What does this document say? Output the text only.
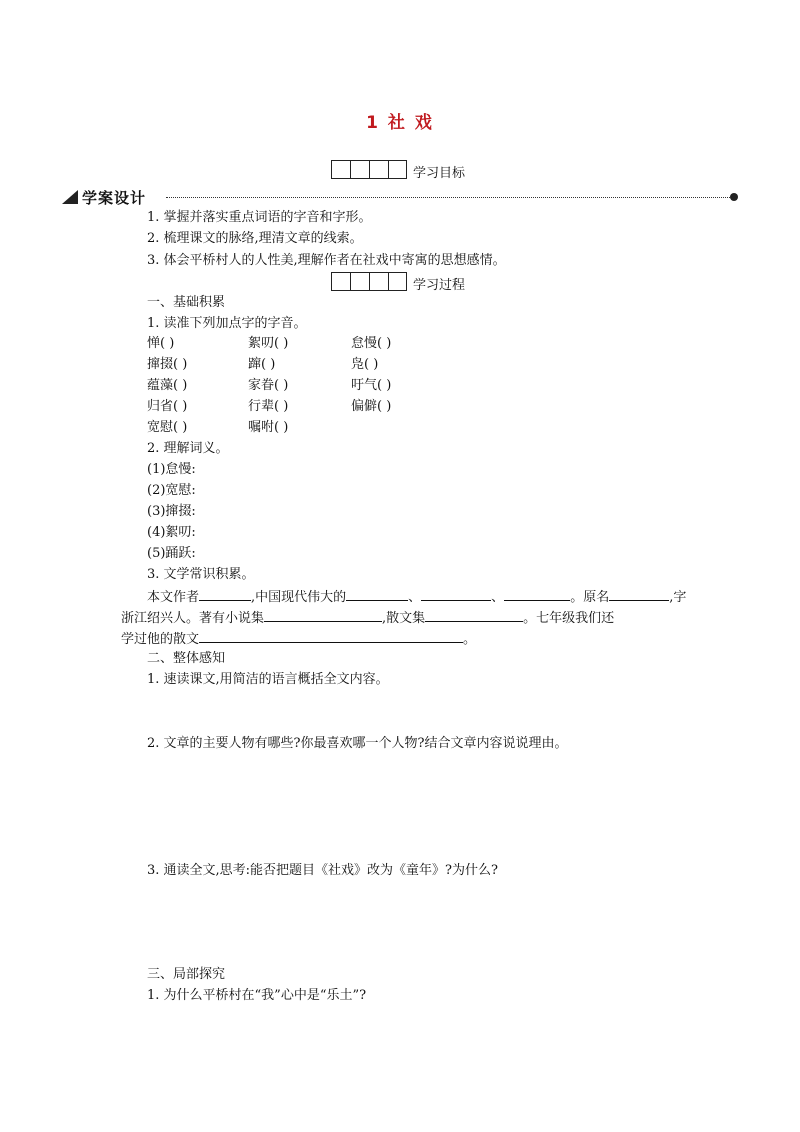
1 社 戏
学习目标
学案设计
1. 掌握并落实重点词语的字音和字形。
2. 梳理课文的脉络,理清文章的线索。
3. 体会平桥村人的人性美,理解作者在社戏中寄寓的思想感情。
学习过程
一、基础积累
1. 读准下列加点字的字音。
惮( )	絮叨( )	怠慢( )
撺掇( )	蹿( )	凫( )
蕴藻( )	家眷( )	吁气( )
归省( )	行辈( )	偏僻( )
宽慰( )	嘱咐( )
2. 理解词义。
(1)怠慢:
(2)宽慰:
(3)撺掇:
(4)絮叨:
(5)踊跃:
3. 文学常识积累。
本文作者	,中国现代伟大的	、	、	。原名	,字
浙江绍兴人。著有小说集	,散文集	。七年级我们还
学过他的散文	。
二、整体感知
1. 速读课文,用简洁的语言概括全文内容。
2. 文章的主要人物有哪些?你最喜欢哪一个人物?结合文章内容说说理由。
3. 通读全文,思考:能否把题目《社戏》改为《童年》?为什么?
三、局部探究
1. 为什么平桥村在“我”心中是“乐土”?
